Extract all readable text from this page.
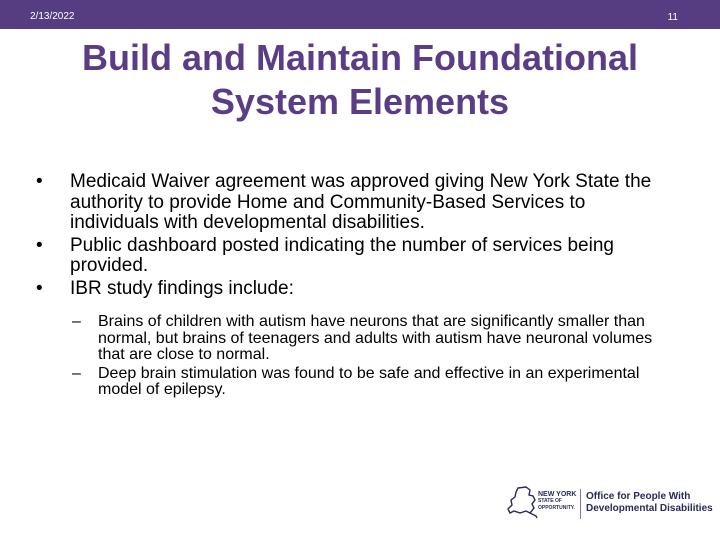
2/13/2022	11
Build and Maintain Foundational
System Elements
•	Medicaid Waiver agreement was approved giving New York State the authority to provide Home and Community-Based Services to individuals with developmental disabilities.
•	Public dashboard posted indicating the number of services being provided.
•	IBR study findings include:
– Brains of children with autism have neurons that are significantly smaller than normal, but brains of teenagers and adults with autism have neuronal volumes that are close to normal.
– Deep brain stimulation was found to be safe and effective in an experimental model of epilepsy.
NEW YORK
STATE OF
OPPORTUNITY.
Office for People With
Developmental Disabilities
